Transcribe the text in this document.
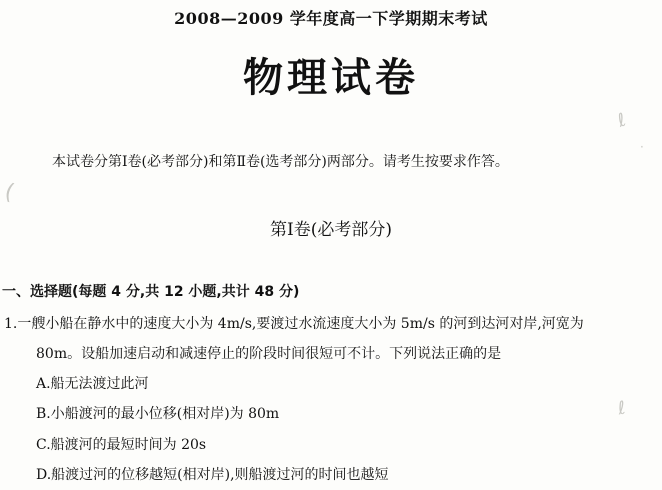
ℓ
(
ℓ
·
2008—2009 学年度高一下学期期末考试
物理试卷
本试卷分第Ⅰ卷(必考部分)和第Ⅱ卷(选考部分)两部分。请考生按要求作答。
第Ⅰ卷(必考部分)
一、选择题(每题 4 分,共 12 小题,共计 48 分)
1.一艘小船在静水中的速度大小为 4m/s,要渡过水流速度大小为 5m/s 的河到达河对岸,河宽为
80m。设船加速启动和减速停止的阶段时间很短可不计。下列说法正确的是
A.船无法渡过此河
B.小船渡河的最小位移(相对岸)为 80m
C.船渡河的最短时间为 20s
D.船渡过河的位移越短(相对岸),则船渡过河的时间也越短
